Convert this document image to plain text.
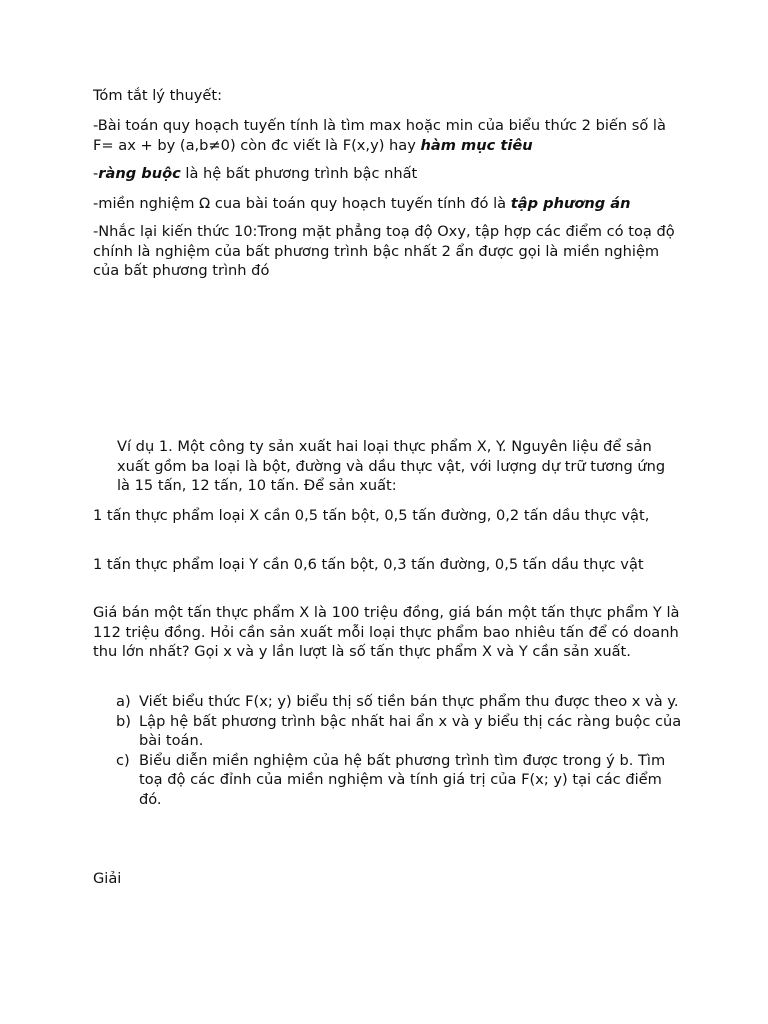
Tóm tắt lý thuyết:

-Bài toán quy hoạch tuyến tính là tìm max hoặc min của biểu thức 2 biến số là F= ax + by (a,b≠0) còn đc viết là F(x,y) hay hàm mục tiêu

-ràng buộc là hệ bất phương trình bậc nhất

-miền nghiệm Ω cua bài toán quy hoạch tuyến tính đó là tập phương án

-Nhắc lại kiến thức 10:Trong mặt phẳng toạ độ Oxy, tập hợp các điểm có toạ độ chính là nghiệm của bất phương trình bậc nhất 2 ẩn được gọi là miền nghiệm của bất phương trình đó

Ví dụ 1. Một công ty sản xuất hai loại thực phẩm X, Y. Nguyên liệu để sản xuất gồm ba loại là bột, đường và dầu thực vật, với lượng dự trữ tương ứng là 15 tấn, 12 tấn, 10 tấn. Để sản xuất:

1 tấn thực phẩm loại X cần 0,5 tấn bột, 0,5 tấn đường, 0,2 tấn dầu thực vật,

1 tấn thực phẩm loại Y cần 0,6 tấn bột, 0,3 tấn đường, 0,5 tấn dầu thực vật

Giá bán một tấn thực phẩm X là 100 triệu đồng, giá bán một tấn thực phẩm Y là 112 triệu đồng. Hỏi cần sản xuất mỗi loại thực phẩm bao nhiêu tấn để có doanh thu lớn nhất? Gọi x và y lần lượt là số tấn thực phẩm X và Y cần sản xuất.

a) Viết biểu thức F(x; y) biểu thị số tiền bán thực phẩm thu được theo x và y.
b) Lập hệ bất phương trình bậc nhất hai ẩn x và y biểu thị các ràng buộc của bài toán.
c) Biểu diễn miền nghiệm của hệ bất phương trình tìm được trong ý b. Tìm toạ độ các đỉnh của miền nghiệm và tính giá trị của F(x; y) tại các điểm đó.

Giải
